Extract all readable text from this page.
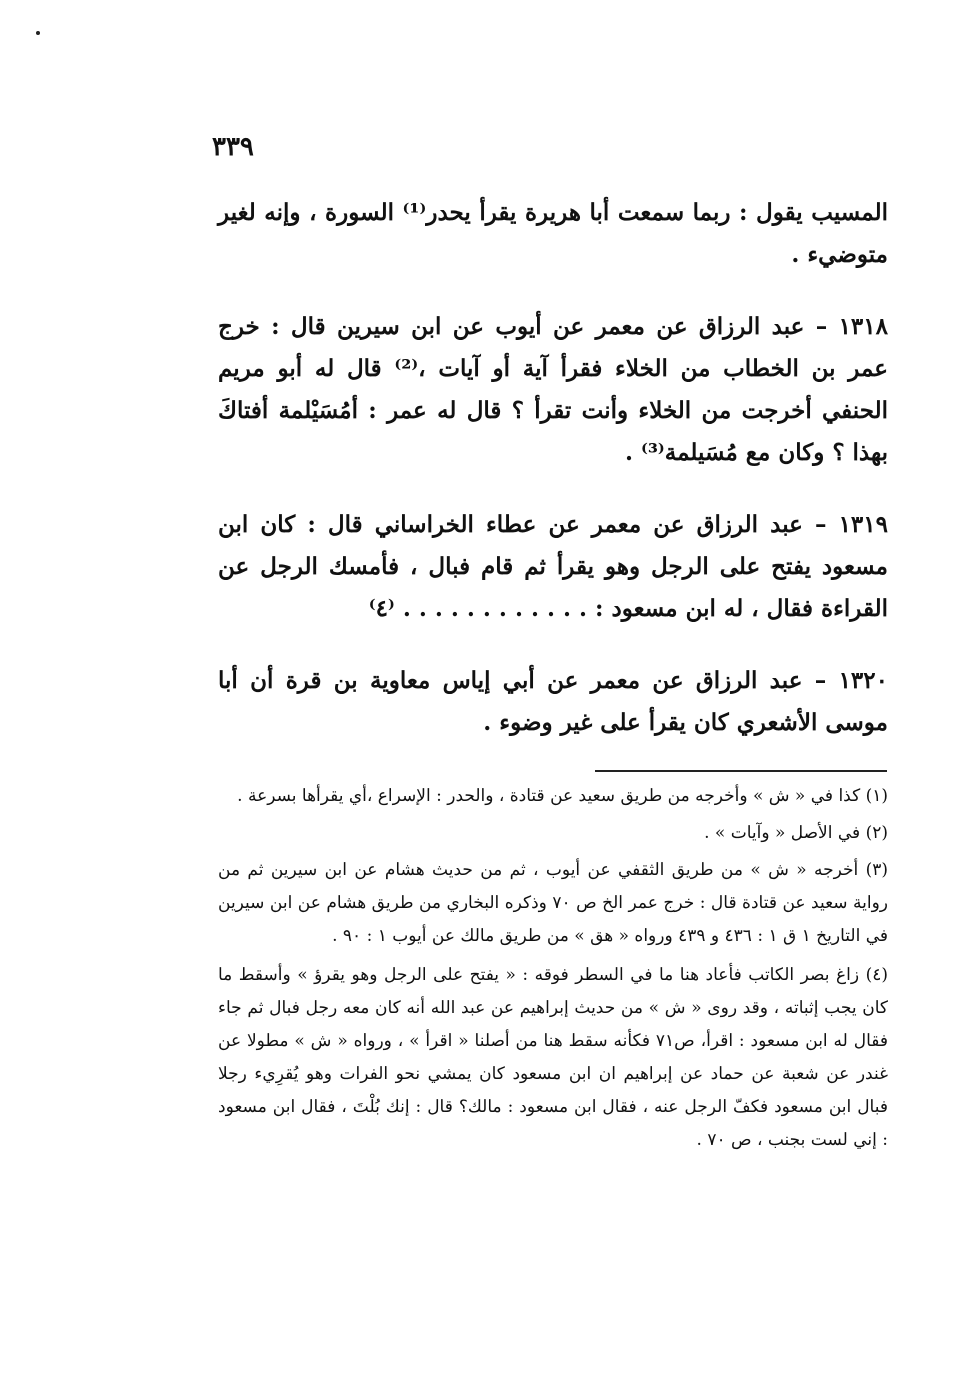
٣٣٩

المسيب يقول : ربما سمعت أبا هريرة يقرأ يحدر⁽¹⁾ السورة ، وإنه لغير متوضيء .

١٣١٨ – عبد الرزاق عن معمر عن أيوب عن ابن سيرين قال : خرج عمر بن الخطاب من الخلاء فقرأ آية أو آيات ،⁽²⁾ قال له أبو مريم الحنفي أخرجت من الخلاء وأنت تقرأ ؟ قال له عمر : أمُسَيْلمة أفتاكَ بهذا ؟ وكان مع مُسَيلمة⁽³⁾ .

١٣١٩ – عبد الرزاق عن معمر عن عطاء الخراساني قال : كان ابن مسعود يفتح على الرجل وهو يقرأ ثم قام فبال ، فأمسك الرجل عن القراءة فقال ، له ابن مسعود : . . . . . . . . . . . . ⁽٤⁾

١٣٢٠ – عبد الرزاق عن معمر عن أبي إياس معاوية بن قرة أن أبا موسى الأشعري كان يقرأ على غير وضوء .

(١) كذا في « ش » وأخرجه من طريق سعيد عن قتادة ، والحدر : الإسراع ،أي يقرأها بسرعة .

(٢) في الأصل « وآيات » .

(٣) أخرجه « ش » من طريق الثقفي عن أيوب ، ثم من حديث هشام عن ابن سيرين ثم من رواية سعيد عن قتادة قال : خرج عمر الخ ص ٧٠ وذكره البخاري من طريق هشام عن ابن سيرين في التاريخ ١ ق ١ : ٤٣٦ و ٤٣٩ ورواه « هق » من طريق مالك عن أيوب ١ : ٩٠ .

(٤) زاغ بصر الكاتب فأعاد هنا ما في السطر فوقه : « يفتح على الرجل وهو يقرؤ » وأسقط ما كان يجب إثباته ، وقد روى « ش » من حديث إبراهيم عن عبد الله أنه كان معه رجل فبال ثم جاء فقال له ابن مسعود : اقرأ، ص٧١ فكأنه سقط هنا من أصلنا « اقرأ » ، ورواه « ش » مطولا عن غندر عن شعبة عن حماد عن إبراهيم ان ابن مسعود كان يمشي نحو الفرات وهو يُقرِيء رجلا فبال ابن مسعود فكفّ الرجل عنه ، فقال ابن مسعود : مالك؟ قال : إنك بُلْتَ ، فقال ابن مسعود : إني لست بجنب ، ص ٧٠ .
